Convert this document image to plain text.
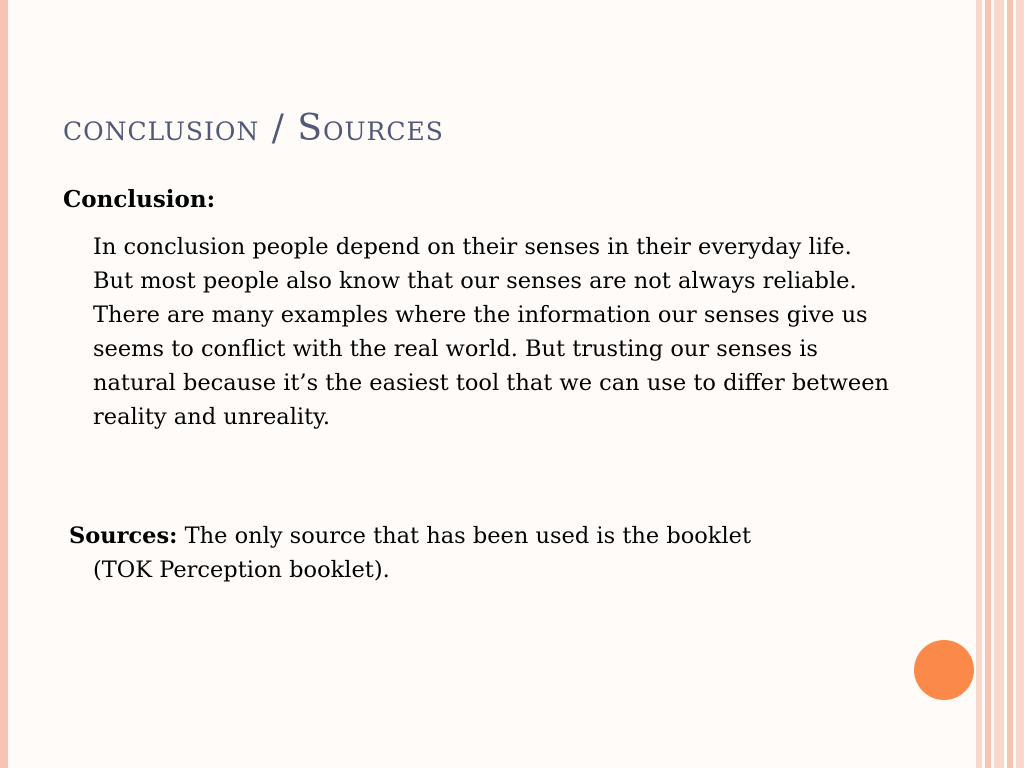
conclusion / Sources
Conclusion:
In conclusion people depend on their senses in their everyday life. But most people also know that our senses are not always reliable. There are many examples where the information our senses give us seems to conflict with the real world. But trusting our senses is natural because it’s the easiest tool that we can use to differ between reality and unreality.
Sources: The only source that has been used is the booklet
(TOK Perception booklet).
